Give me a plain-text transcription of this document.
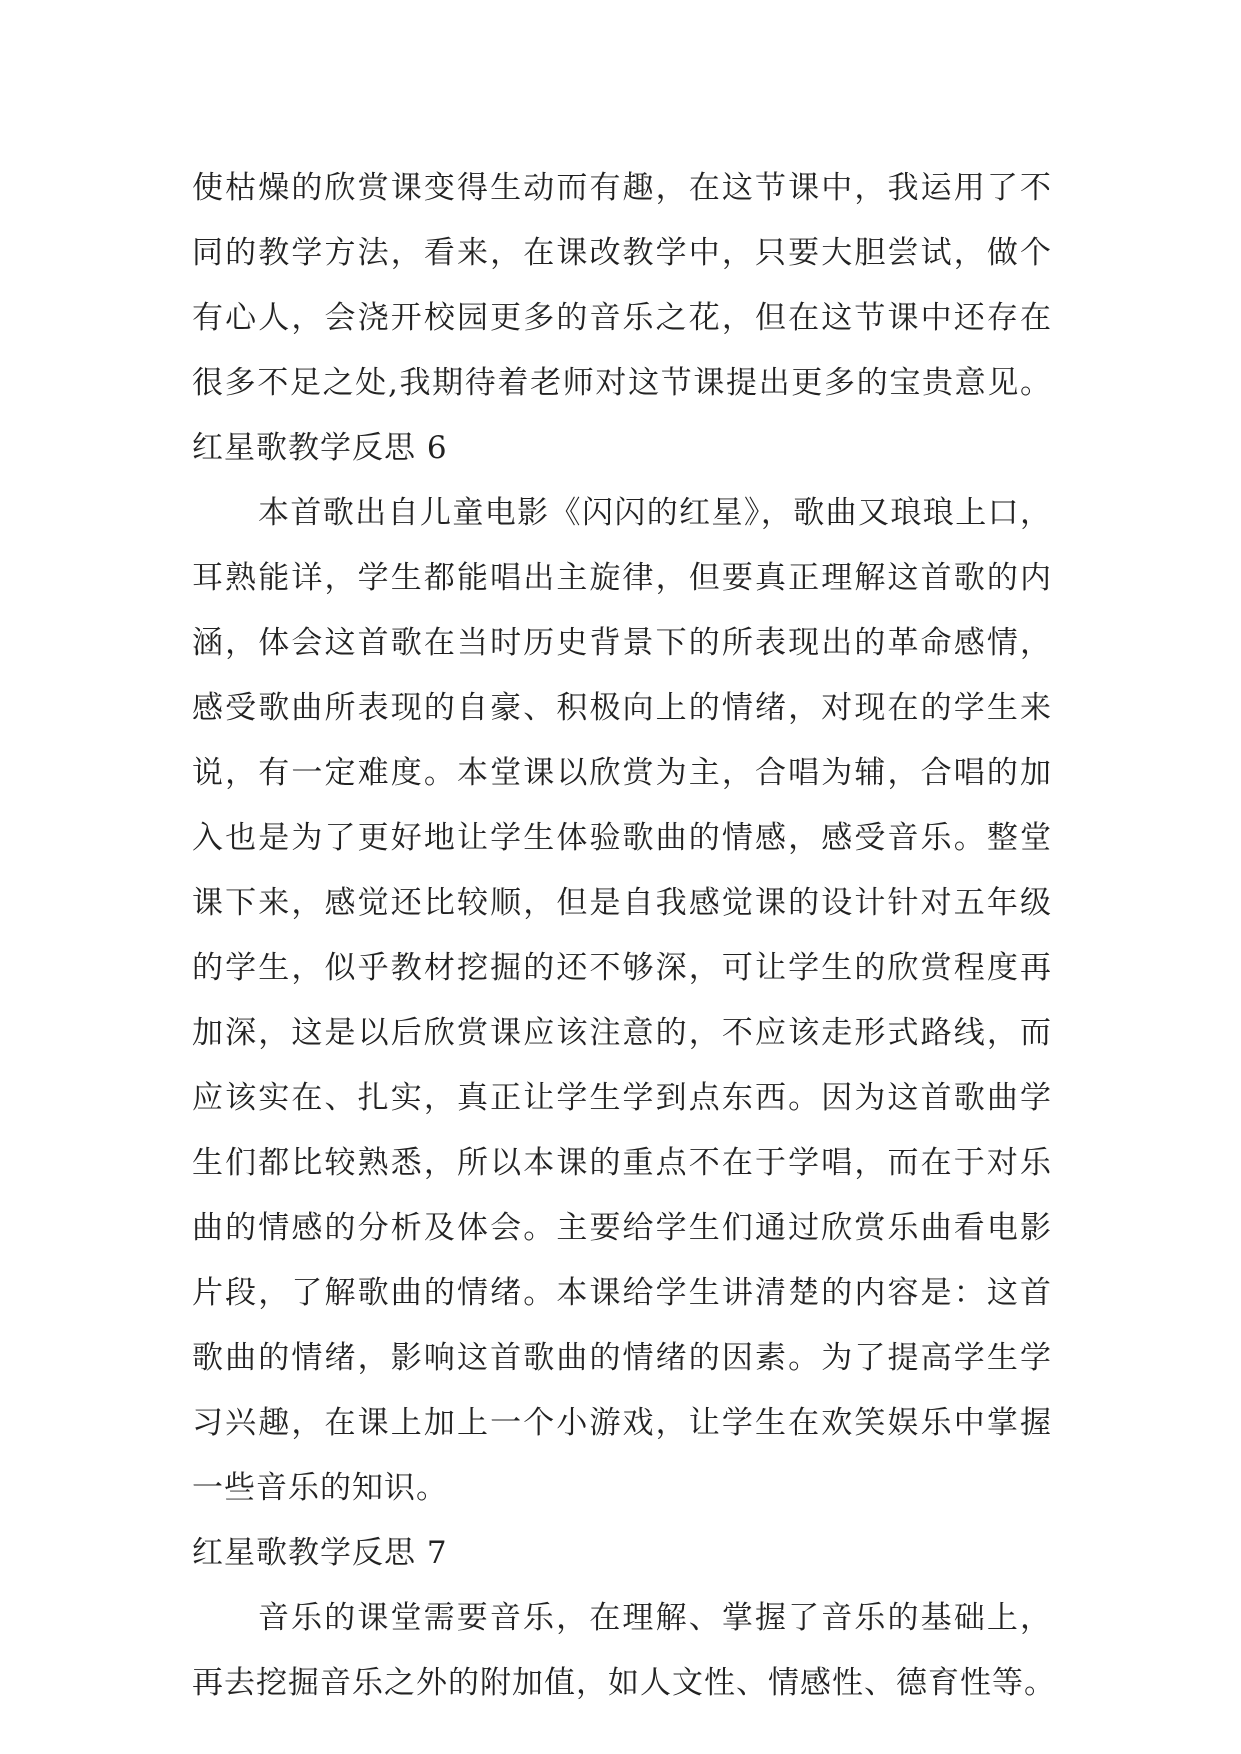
使枯燥的欣赏课变得生动而有趣，在这节课中，我运用了不
同的教学方法，看来，在课改教学中，只要大胆尝试，做个
有心人，会浇开校园更多的音乐之花，但在这节课中还存在
很多不足之处,我期待着老师对这节课提出更多的宝贵意见。
红星歌教学反思 6
本首歌出自儿童电影《闪闪的红星》，歌曲又琅琅上口，
耳熟能详，学生都能唱出主旋律，但要真正理解这首歌的内
涵，体会这首歌在当时历史背景下的所表现出的革命感情，
感受歌曲所表现的自豪、积极向上的情绪，对现在的学生来
说，有一定难度。本堂课以欣赏为主，合唱为辅，合唱的加
入也是为了更好地让学生体验歌曲的情感，感受音乐。整堂
课下来，感觉还比较顺，但是自我感觉课的设计针对五年级
的学生，似乎教材挖掘的还不够深，可让学生的欣赏程度再
加深，这是以后欣赏课应该注意的，不应该走形式路线，而
应该实在、扎实，真正让学生学到点东西。因为这首歌曲学
生们都比较熟悉，所以本课的重点不在于学唱，而在于对乐
曲的情感的分析及体会。主要给学生们通过欣赏乐曲看电影
片段，了解歌曲的情绪。本课给学生讲清楚的内容是：这首
歌曲的情绪，影响这首歌曲的情绪的因素。为了提高学生学
习兴趣，在课上加上一个小游戏，让学生在欢笑娱乐中掌握
一些音乐的知识。
红星歌教学反思 7
音乐的课堂需要音乐，在理解、掌握了音乐的基础上，
再去挖掘音乐之外的附加值，如人文性、情感性、德育性等。
